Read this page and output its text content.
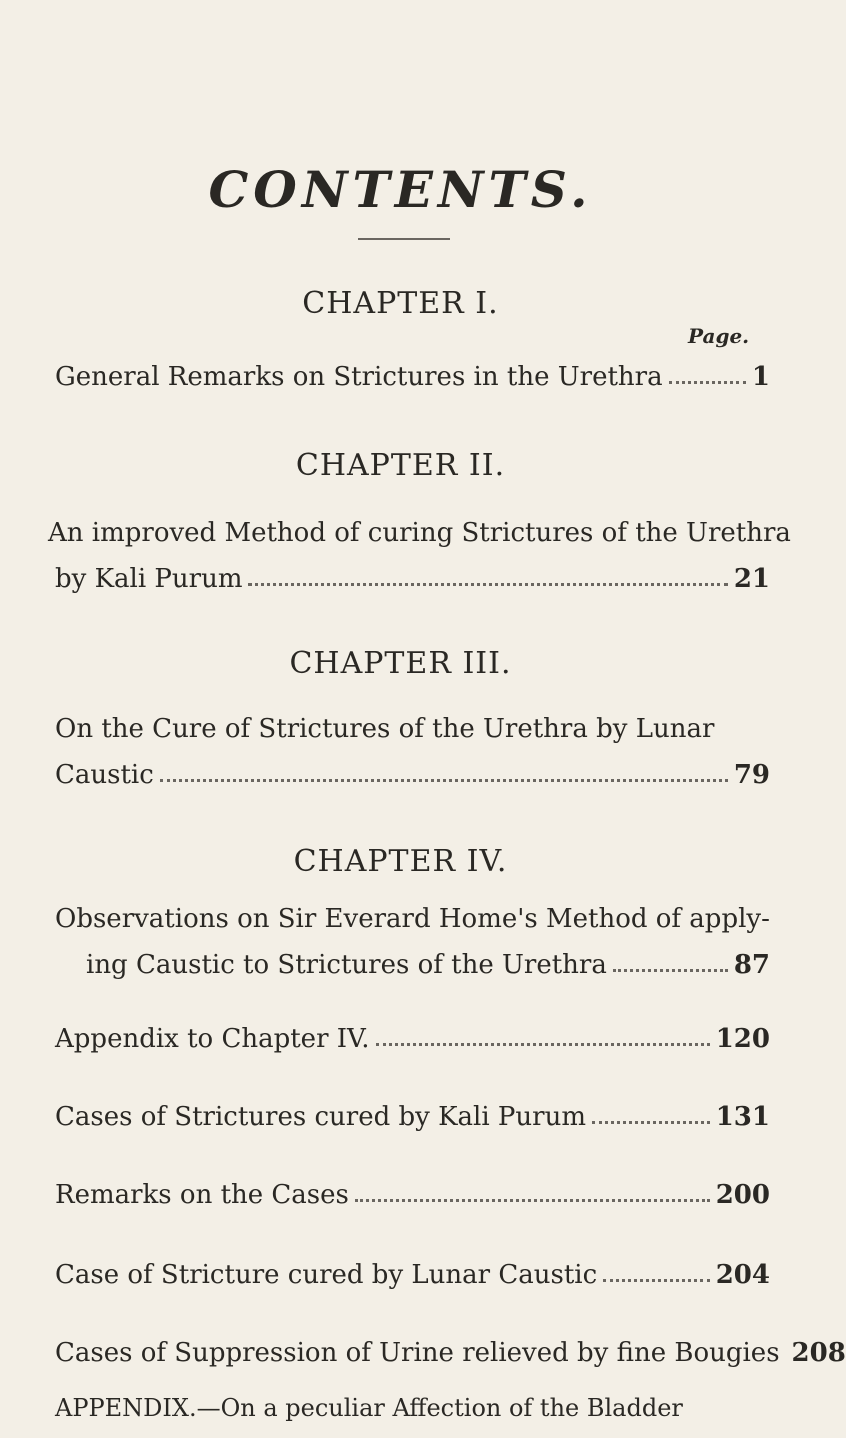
CONTENTS.
CHAPTER I.
Page.
General Remarks on Strictures in the Urethra	1
CHAPTER II.
An improved Method of curing Strictures of the Urethra
by Kali Purum	21
CHAPTER III.
On the Cure of Strictures of the Urethra by Lunar
Caustic	79
CHAPTER IV.
Observations on Sir Everard Home's Method of apply-
ing Caustic to Strictures of the Urethra	87
Appendix to Chapter IV.	120
Cases of Strictures cured by Kali Purum	131
Remarks on the Cases	200
Case of Stricture cured by Lunar Caustic	204
Cases of Suppression of Urine relieved by fine Bougies 208
APPENDIX.—On a peculiar Affection of the Bladder
